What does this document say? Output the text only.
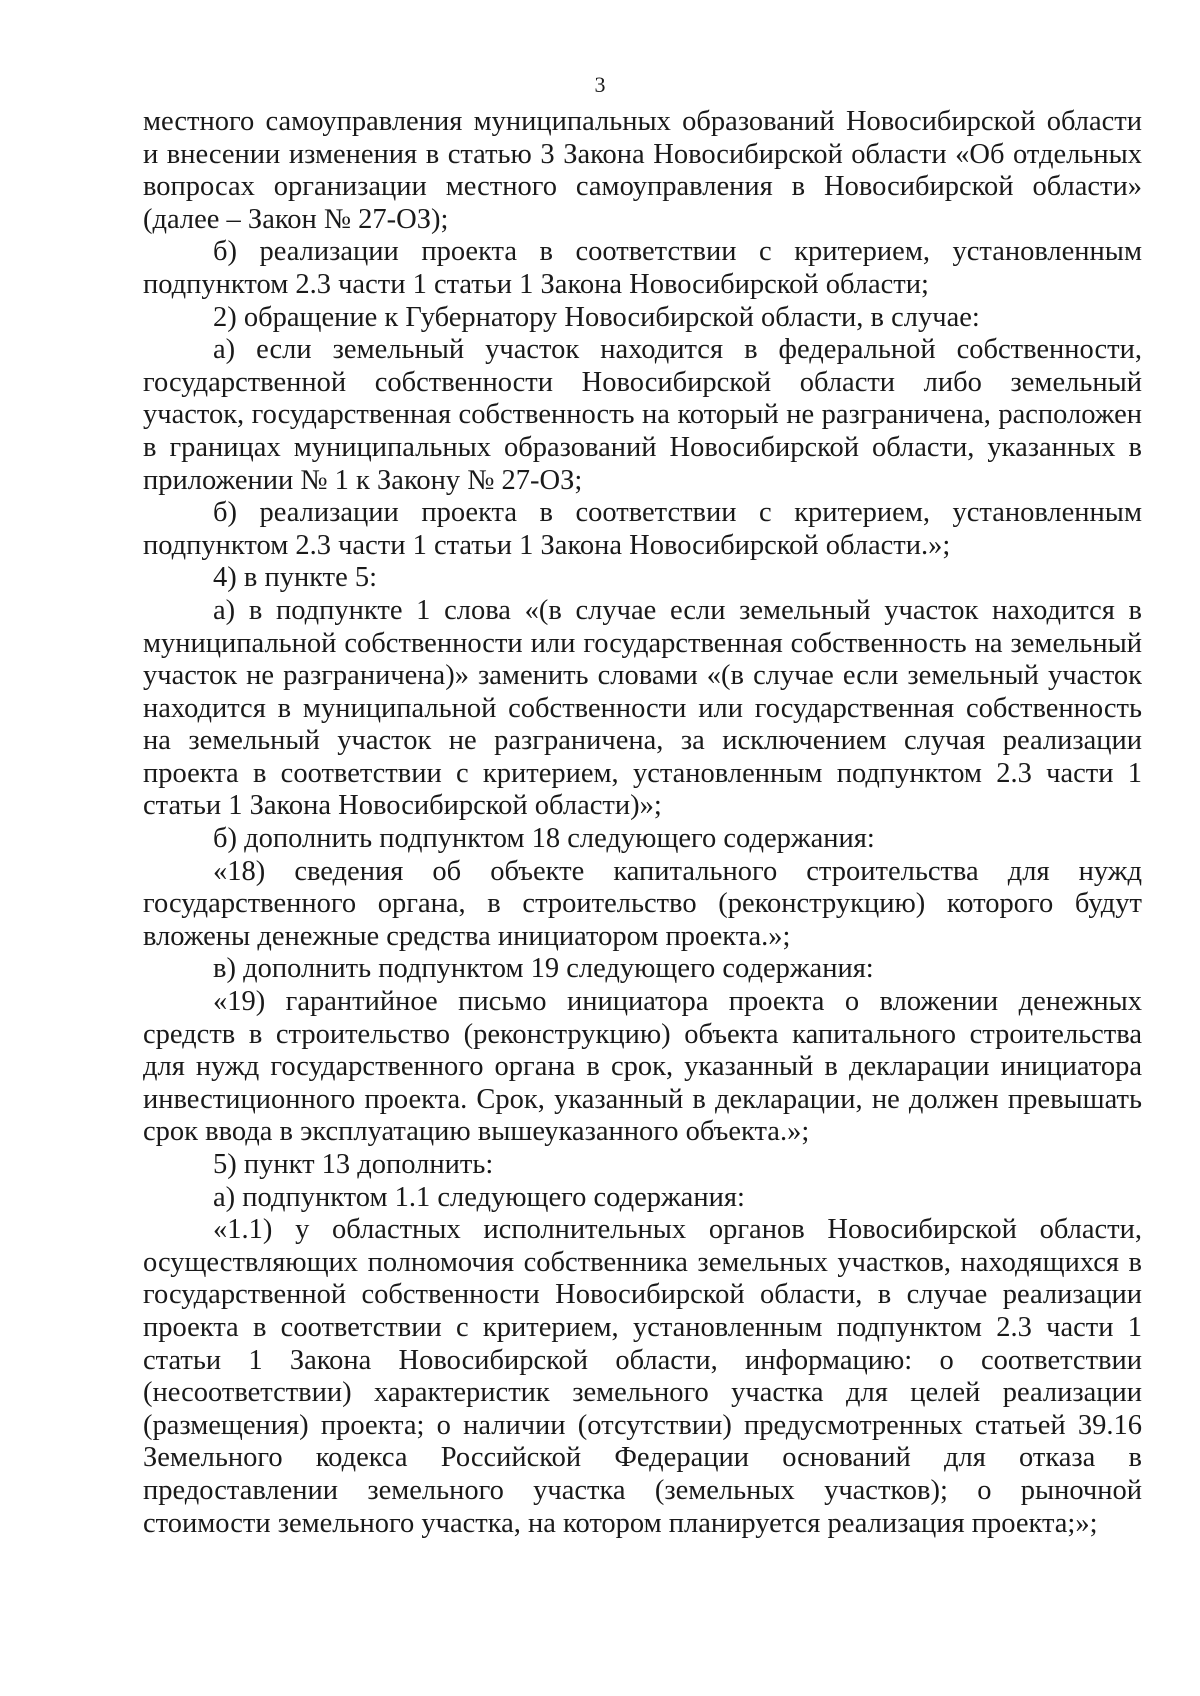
3

местного самоуправления муниципальных образований Новосибирской области и внесении изменения в статью 3 Закона Новосибирской области «Об отдельных вопросах организации местного самоуправления в Новосибирской области» (далее – Закон № 27-ОЗ);

б) реализации проекта в соответствии с критерием, установленным подпунктом 2.3 части 1 статьи 1 Закона Новосибирской области;

2) обращение к Губернатору Новосибирской области, в случае:

а) если земельный участок находится в федеральной собственности, государственной собственности Новосибирской области либо земельный участок, государственная собственность на который не разграничена, расположен в границах муниципальных образований Новосибирской области, указанных в приложении № 1 к Закону № 27-ОЗ;

б) реализации проекта в соответствии с критерием, установленным подпунктом 2.3 части 1 статьи 1 Закона Новосибирской области.»;

4) в пункте 5:

а) в подпункте 1 слова «(в случае если земельный участок находится в муниципальной собственности или государственная собственность на земельный участок не разграничена)» заменить словами «(в случае если земельный участок находится в муниципальной собственности или государственная собственность на земельный участок не разграничена, за исключением случая реализации проекта в соответствии с критерием, установленным подпунктом 2.3 части 1 статьи 1 Закона Новосибирской области)»;

б) дополнить подпунктом 18 следующего содержания:

«18) сведения об объекте капитального строительства для нужд государственного органа, в строительство (реконструкцию) которого будут вложены денежные средства инициатором проекта.»;

в) дополнить подпунктом 19 следующего содержания:

«19) гарантийное письмо инициатора проекта о вложении денежных средств в строительство (реконструкцию) объекта капитального строительства для нужд государственного органа в срок, указанный в декларации инициатора инвестиционного проекта. Срок, указанный в декларации, не должен превышать срок ввода в эксплуатацию вышеуказанного объекта.»;

5) пункт 13 дополнить:

а) подпунктом 1.1 следующего содержания:

«1.1) у областных исполнительных органов Новосибирской области, осуществляющих полномочия собственника земельных участков, находящихся в государственной собственности Новосибирской области, в случае реализации проекта в соответствии с критерием, установленным подпунктом 2.3 части 1 статьи 1 Закона Новосибирской области, информацию: о соответствии (несоответствии) характеристик земельного участка для целей реализации (размещения) проекта; о наличии (отсутствии) предусмотренных статьей 39.16 Земельного кодекса Российской Федерации оснований для отказа в предоставлении земельного участка (земельных участков); о рыночной стоимости земельного участка, на котором планируется реализация проекта;»;
